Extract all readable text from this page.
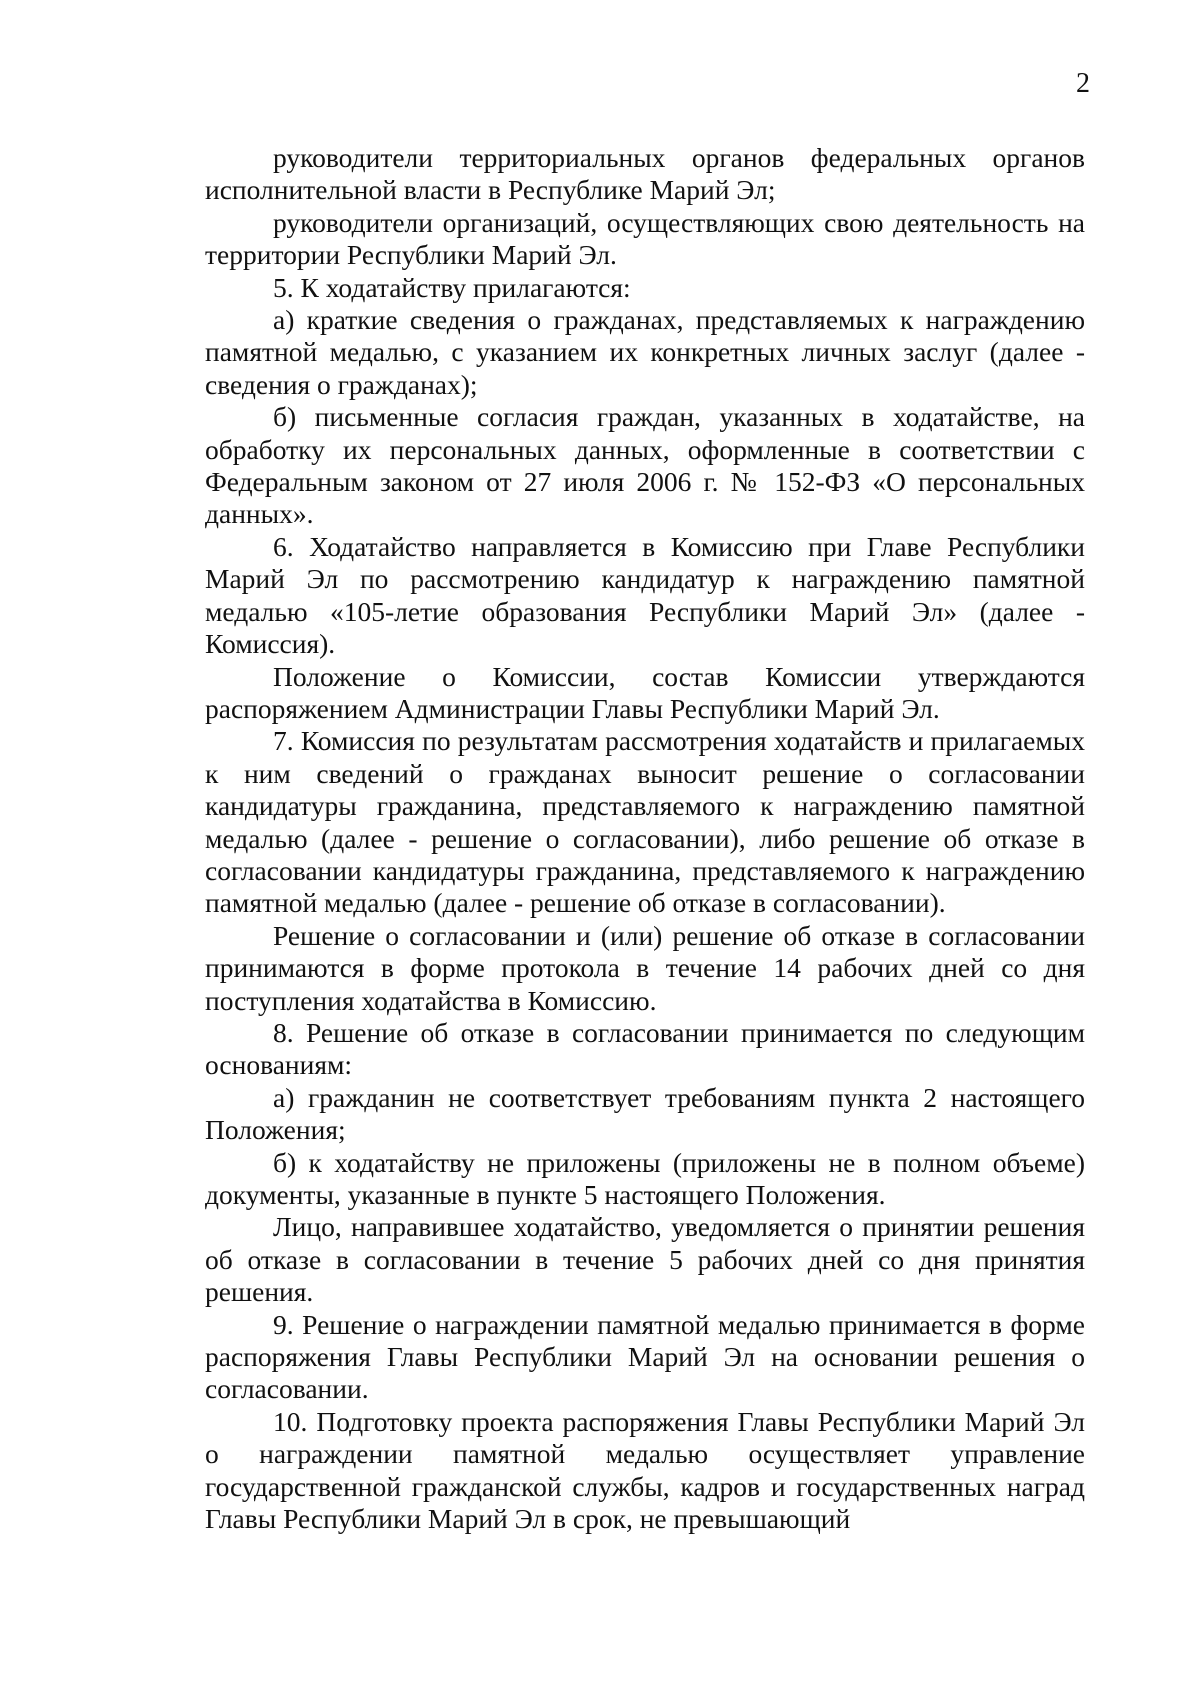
2

руководители территориальных органов федеральных органов исполнительной власти в Республике Марий Эл;

руководители организаций, осуществляющих свою деятельность на территории Республики Марий Эл.

5. К ходатайству прилагаются:

а) краткие сведения о гражданах, представляемых к награждению памятной медалью, с указанием их конкретных личных заслуг (далее - сведения о гражданах);

б) письменные согласия граждан, указанных в ходатайстве, на обработку их персональных данных, оформленные в соответствии с Федеральным законом от 27 июля 2006 г. № 152-ФЗ «О персональных данных».

6. Ходатайство направляется в Комиссию при Главе Республики Марий Эл по рассмотрению кандидатур к награждению памятной медалью «105-летие образования Республики Марий Эл» (далее - Комиссия).

Положение о Комиссии, состав Комиссии утверждаются распоряжением Администрации Главы Республики Марий Эл.

7. Комиссия по результатам рассмотрения ходатайств и прилагаемых к ним сведений о гражданах выносит решение о согласовании кандидатуры гражданина, представляемого к награждению памятной медалью (далее - решение о согласовании), либо решение об отказе в согласовании кандидатуры гражданина, представляемого к награждению памятной медалью (далее - решение об отказе в согласовании).

Решение о согласовании и (или) решение об отказе в согласовании принимаются в форме протокола в течение 14 рабочих дней со дня поступления ходатайства в Комиссию.

8. Решение об отказе в согласовании принимается по следующим основаниям:

а) гражданин не соответствует требованиям пункта 2 настоящего Положения;

б) к ходатайству не приложены (приложены не в полном объеме) документы, указанные в пункте 5 настоящего Положения.

Лицо, направившее ходатайство, уведомляется о принятии решения об отказе в согласовании в течение 5 рабочих дней со дня принятия решения.

9. Решение о награждении памятной медалью принимается в форме распоряжения Главы Республики Марий Эл на основании решения о согласовании.

10. Подготовку проекта распоряжения Главы Республики Марий Эл о награждении памятной медалью осуществляет управление государственной гражданской службы, кадров и государственных наград Главы Республики Марий Эл в срок, не превышающий
